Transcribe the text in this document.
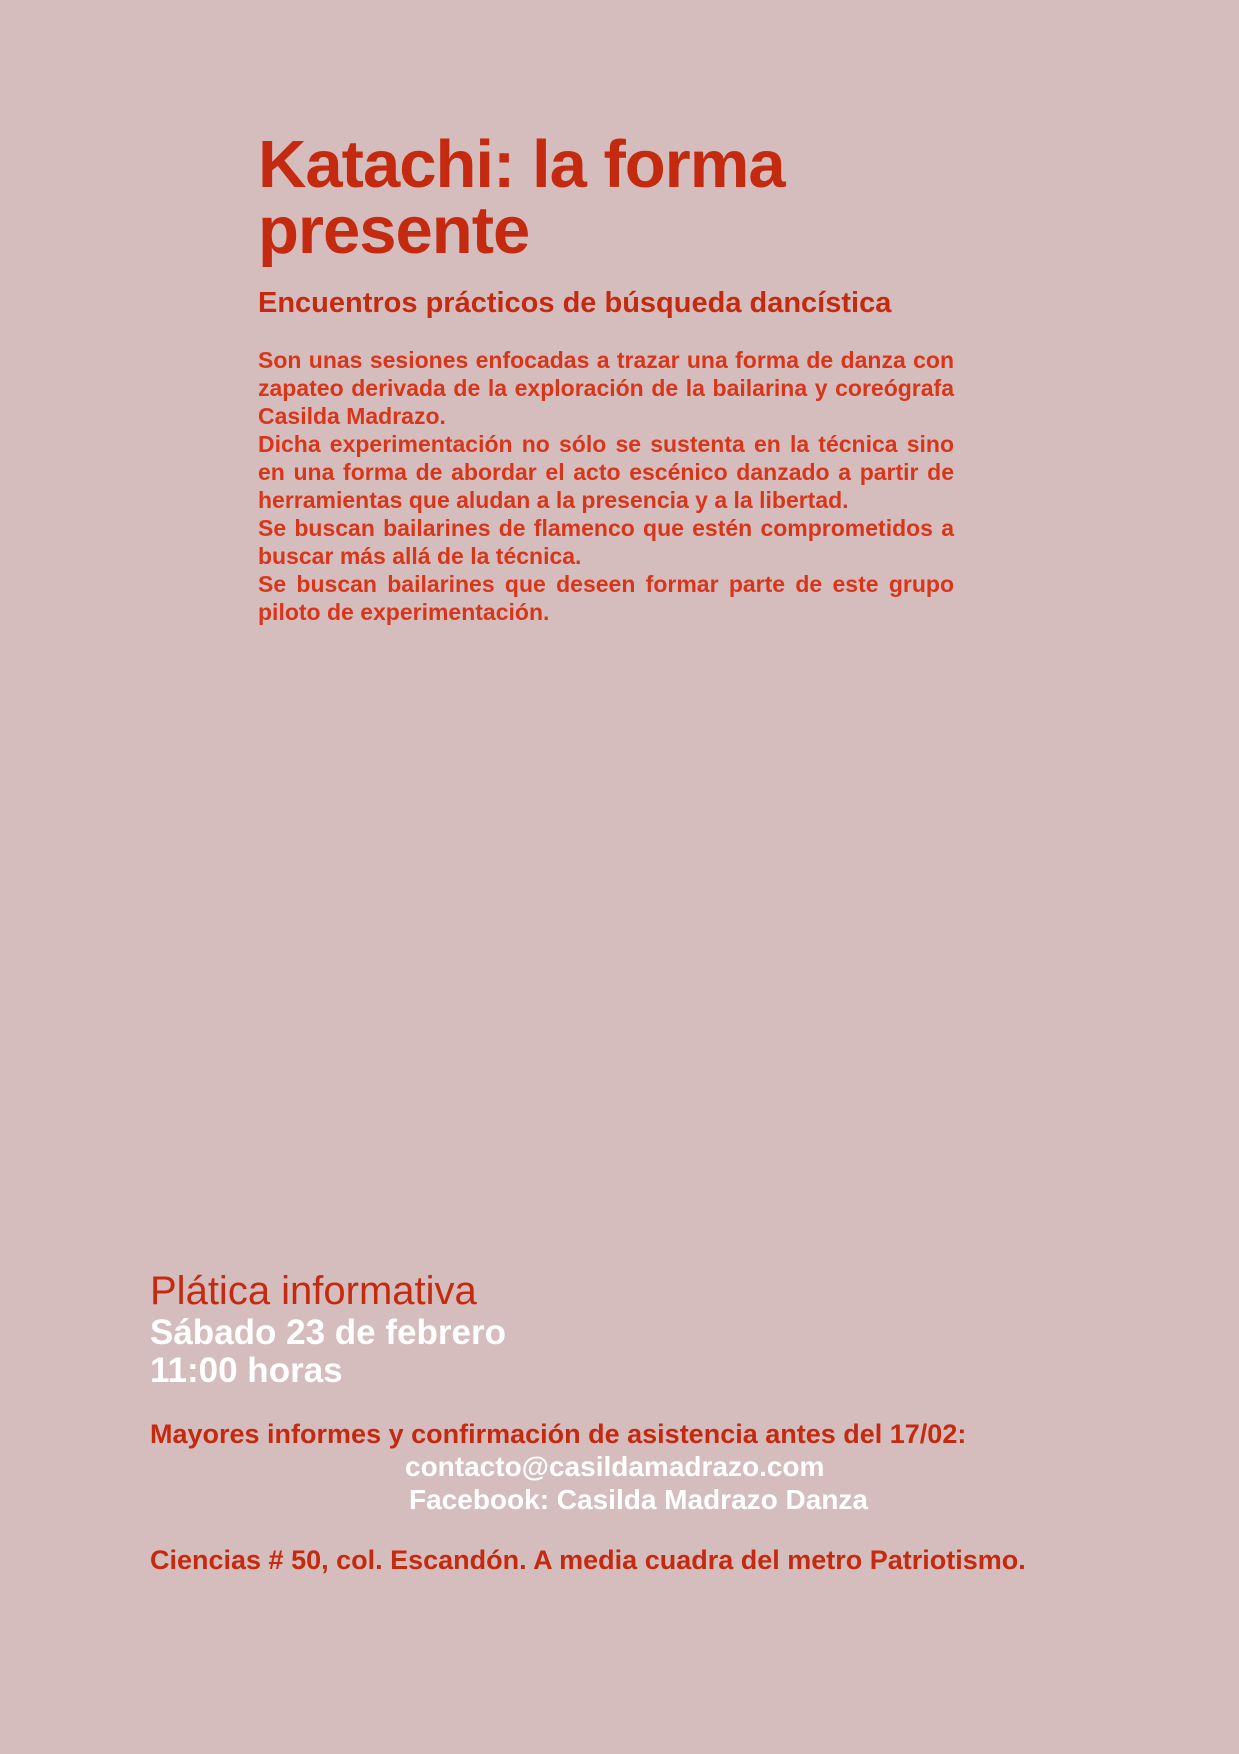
Katachi: la forma
presente
Encuentros prácticos de búsqueda dancística

Son unas sesiones enfocadas a trazar una forma de danza con zapateo derivada de la exploración de la bailarina y coreógrafa Casilda Madrazo.

Dicha experimentación no sólo se sustenta en la técnica sino en una forma de abordar el acto escénico danzado a partir de herramientas que aludan a la presencia y a la libertad.

Se buscan bailarines de flamenco que estén comprometidos a buscar más allá de la técnica.

Se buscan bailarines que deseen formar parte de este grupo piloto de experimentación.

Plática informativa
Sábado 23 de febrero
11:00 horas
Mayores informes y confirmación de asistencia antes del 17/02:
contacto@casildamadrazo.com
Facebook: Casilda Madrazo Danza
Ciencias # 50, col. Escandón. A media cuadra del metro Patriotismo.
